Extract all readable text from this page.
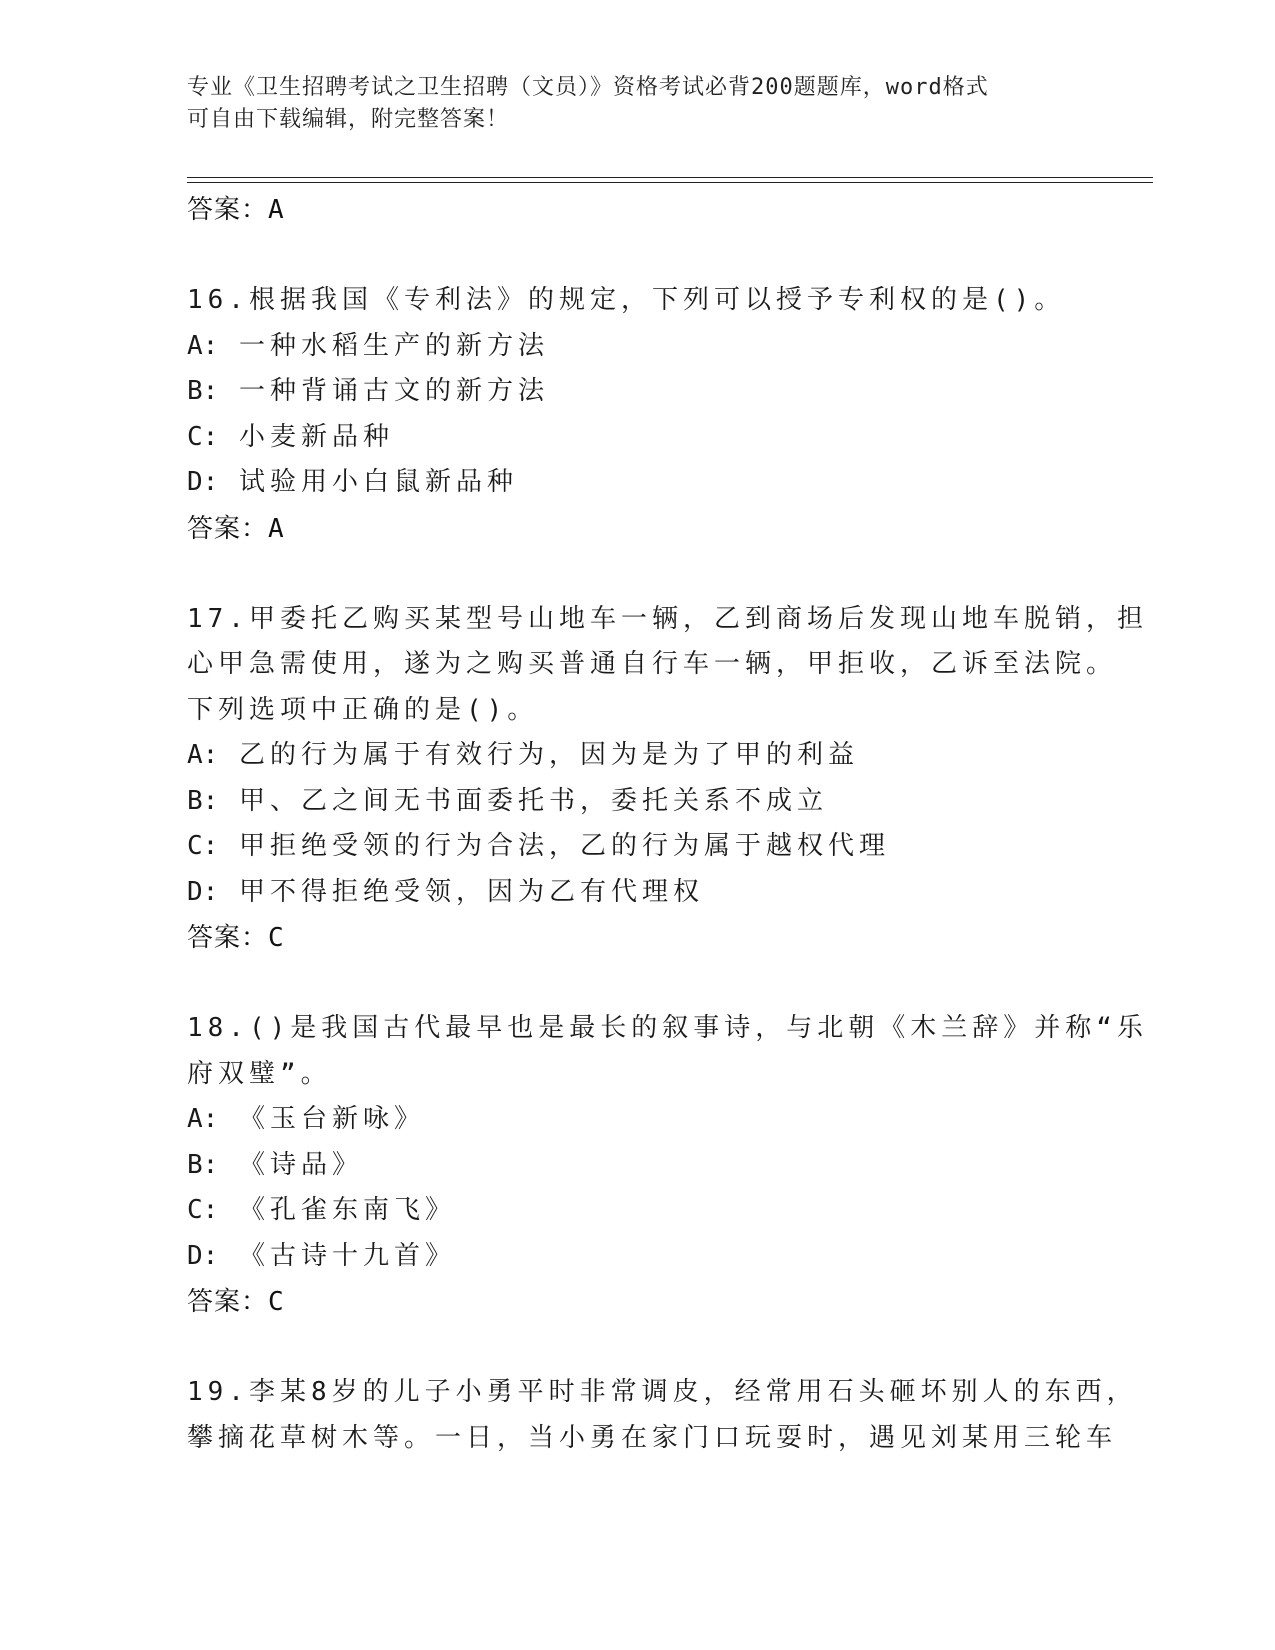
专业《卫生招聘考试之卫生招聘（文员）》资格考试必背200题题库，word格式
可自由下载编辑，附完整答案！
答案：A
16.根据我国《专利法》的规定，下列可以授予专利权的是()。
A: 一种水稻生产的新方法
B: 一种背诵古文的新方法
C: 小麦新品种
D: 试验用小白鼠新品种
答案：A
17.甲委托乙购买某型号山地车一辆，乙到商场后发现山地车脱销，担
心甲急需使用，遂为之购买普通自行车一辆，甲拒收，乙诉至法院。
下列选项中正确的是()。
A: 乙的行为属于有效行为，因为是为了甲的利益
B: 甲、乙之间无书面委托书，委托关系不成立
C: 甲拒绝受领的行为合法，乙的行为属于越权代理
D: 甲不得拒绝受领，因为乙有代理权
答案：C
18.()是我国古代最早也是最长的叙事诗，与北朝《木兰辞》并称“乐
府双璧”。
A: 《玉台新咏》
B: 《诗品》
C: 《孔雀东南飞》
D: 《古诗十九首》
答案：C
19.李某8岁的儿子小勇平时非常调皮，经常用石头砸坏别人的东西，
攀摘花草树木等。一日，当小勇在家门口玩耍时，遇见刘某用三轮车
